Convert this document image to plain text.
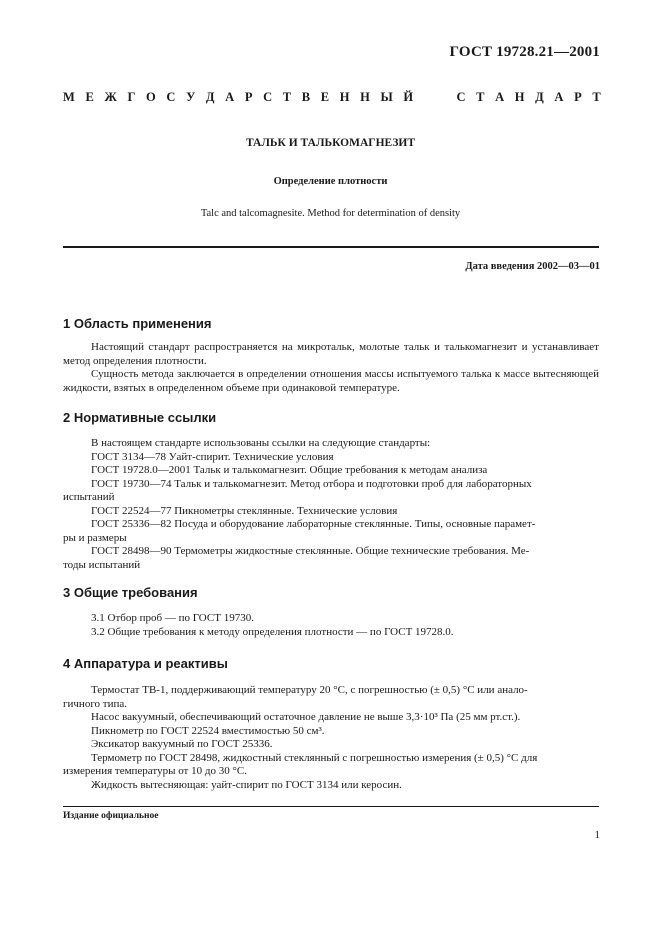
ГОСТ 19728.21—2001
М Е Ж Г О С У Д А Р С Т В Е Н Н Ы Й	С Т А Н Д А Р Т
ТАЛЬК И ТАЛЬКОМАГНЕЗИТ
Определение плотности
Talc and talcomagnesite. Method for determination of density
Дата введения 2002—03—01
1 Область применения

Настоящий стандарт распространяется на микротальк, молотые тальк и талькомагнезит и устанавливает метод определения плотности.

Сущность метода заключается в определении отношения массы испытуемого талька к массе вытесняющей жидкости, взятых в определенном объеме при одинаковой температуре.

2 Нормативные ссылки

В настоящем стандарте использованы ссылки на следующие стандарты:

ГОСТ 3134—78 Уайт-спирит. Технические условия

ГОСТ 19728.0—2001 Тальк и талькомагнезит. Общие требования к методам анализа

ГОСТ 19730—74 Тальк и талькомагнезит. Метод отбора и подготовки проб для лабораторных

испытаний

ГОСТ 22524—77 Пикнометры стеклянные. Технические условия

ГОСТ 25336—82 Посуда и оборудование лабораторные стеклянные. Типы, основные парамет-

ры и размеры

ГОСТ 28498—90 Термометры жидкостные стеклянные. Общие технические требования. Ме-

тоды испытаний

3 Общие требования

3.1 Отбор проб — по ГОСТ 19730.

3.2 Общие требования к методу определения плотности — по ГОСТ 19728.0.

4 Аппаратура и реактивы

Термостат ТВ-1, поддерживающий температуру 20 °С, с погрешностью (± 0,5) °С или анало-

гичного типа.

Насос вакуумный, обеспечивающий остаточное давление не выше 3,3·10³ Па (25 мм рт.ст.).

Пикнометр по ГОСТ 22524 вместимостью 50 см³.

Эксикатор вакуумный по ГОСТ 25336.

Термометр по ГОСТ 28498, жидкостный стеклянный с погрешностью измерения (± 0,5) °С для

измерения температуры от 10 до 30 °С.

Жидкость вытесняющая: уайт-спирит по ГОСТ 3134 или керосин.

Издание официальное
1
